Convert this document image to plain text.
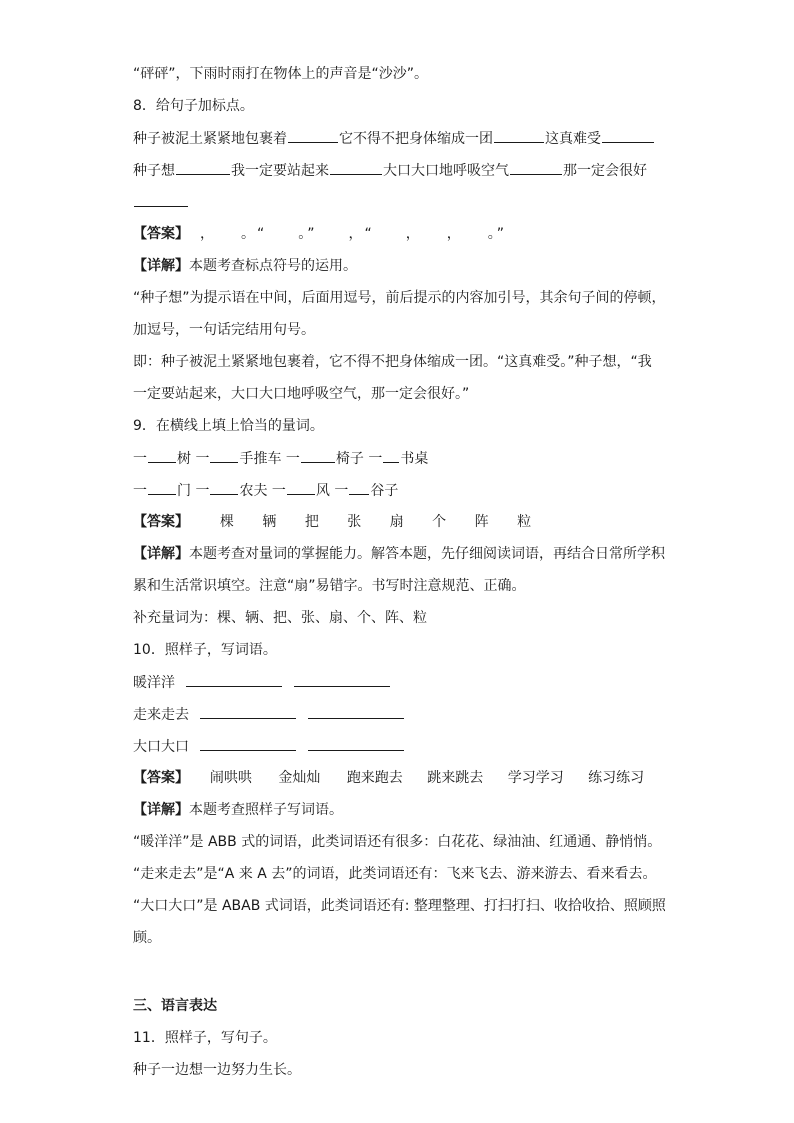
“砰砰”，下雨时雨打在物体上的声音是“沙沙”。
8．给句子加标点。
种子被泥土紧紧地包裹着	它不得不把身体缩成一团	这真难受
种子想	我一定要站起来	大口大口地呼吸空气	那一定会很好
【答案】 ，　　。“　　。”　　，“　　，　　，　　。”
【详解】本题考查标点符号的运用。
“种子想”为提示语在中间，后面用逗号，前后提示的内容加引号，其余句子间的停顿，
加逗号，一句话完结用句号。
即：种子被泥土紧紧地包裹着，它不得不把身体缩成一团。“这真难受。”种子想，“我
一定要站起来，大口大口地呼吸空气，那一定会很好。”
9．在横线上填上恰当的量词。
一 树 一 手推车 一	椅子 一 书桌
一 门 一 农夫 一 风 一 谷子
【答案】 棵 辆 把 张 扇 个 阵 粒
【详解】本题考查对量词的掌握能力。解答本题，先仔细阅读词语，再结合日常所学积
累和生活常识填空。注意“扇”易错字。书写时注意规范、正确。
补充量词为：棵、辆、把、张、扇、个、阵、粒
10．照样子，写词语。
暖洋洋
走来走去
大口大口
【答案】 闹哄哄 金灿灿 跑来跑去 跳来跳去 学习学习 练习练习
【详解】本题考查照样子写词语。
“暖洋洋”是 ABB 式的词语，此类词语还有很多：白花花、绿油油、红通通、静悄悄。
“走来走去”是“A 来 A 去”的词语，此类词语还有：飞来飞去、游来游去、看来看去。
“大口大口”是 ABAB 式词语，此类词语还有: 整理整理、打扫打扫、收拾收拾、照顾照
顾。
三、语言表达
11．照样子，写句子。
种子一边想一边努力生长。
